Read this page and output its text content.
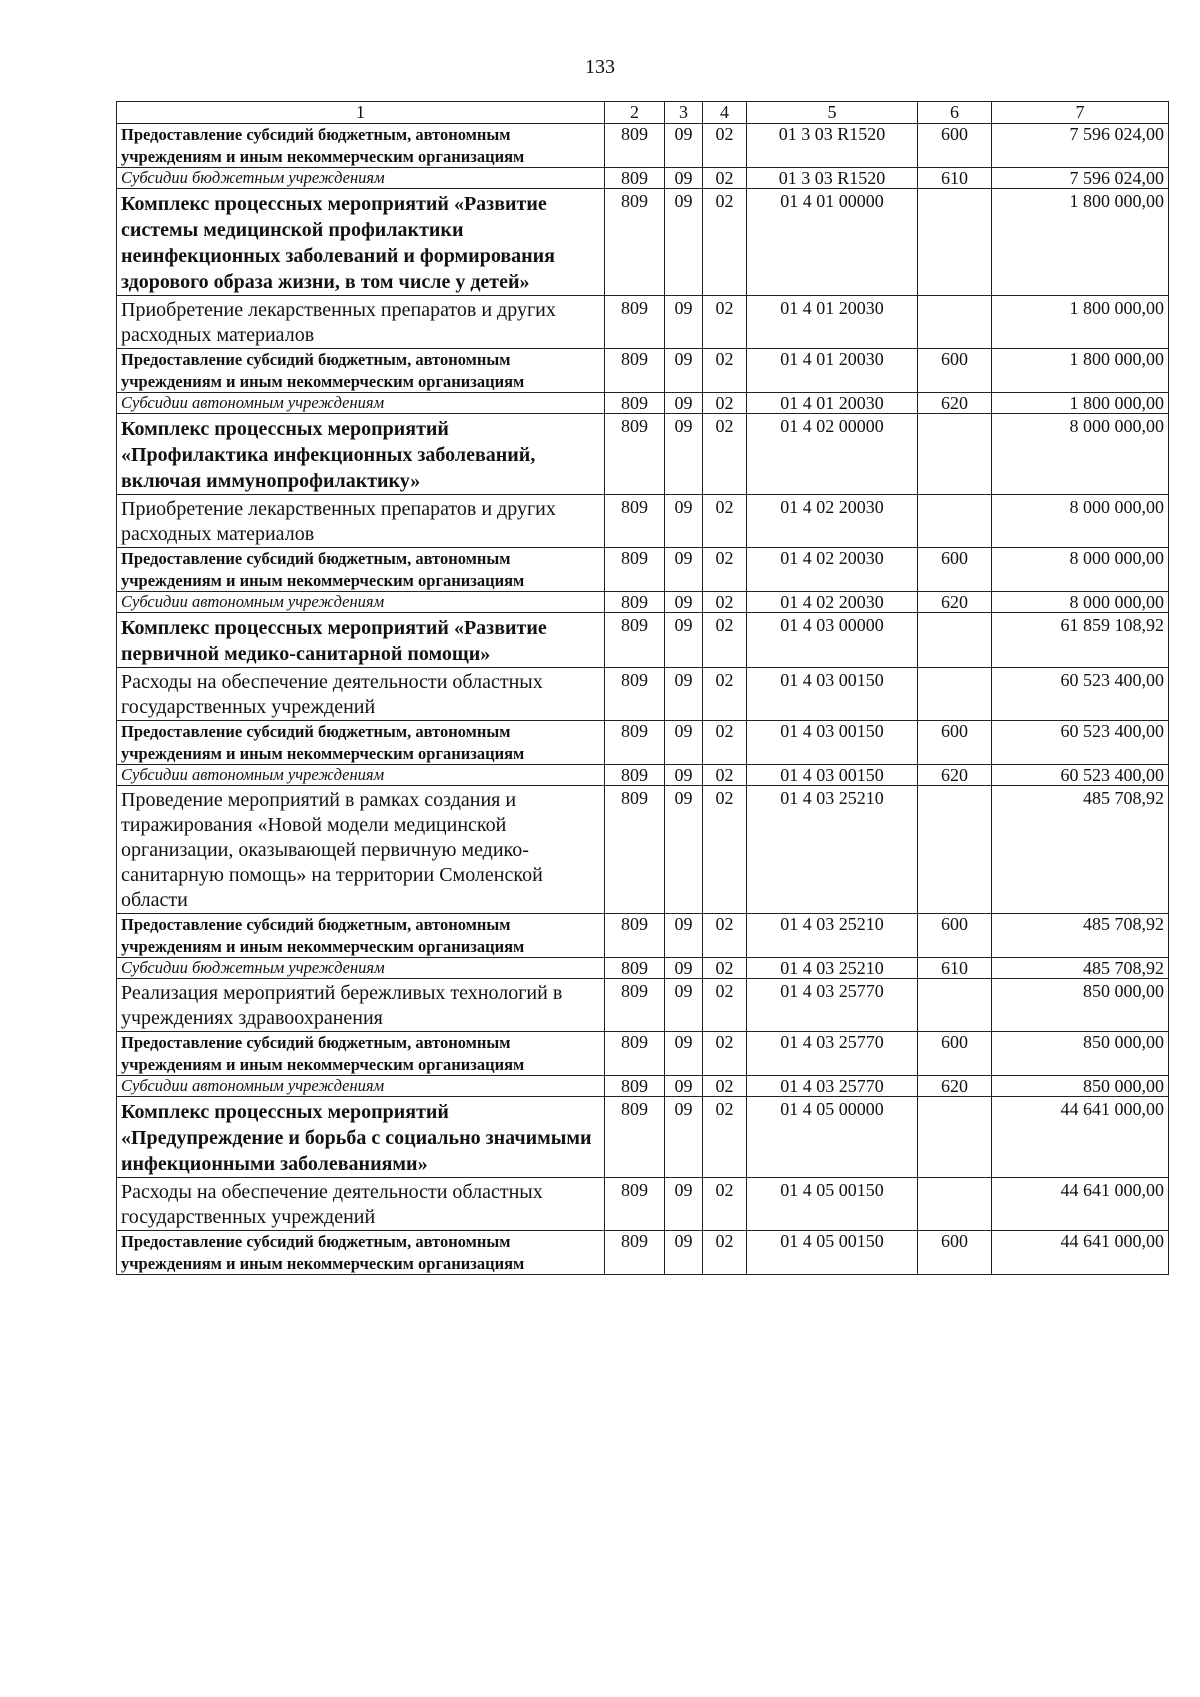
133
1	2	3	4	5	6	7
Предоставление субсидий бюджетным, автономным учреждениям и иным некоммерческим организациям	809	09	02	01 3 03 R1520	600	7 596 024,00
Субсидии бюджетным учреждениям	809	09	02	01 3 03 R1520	610	7 596 024,00
Комплекс процессных мероприятий «Развитие системы медицинской профилактики неинфекционных заболеваний и формирования здорового образа жизни, в том числе у детей»	809	09	02	01 4 01 00000		1 800 000,00
Приобретение лекарственных препаратов и других расходных материалов	809	09	02	01 4 01 20030		1 800 000,00
Предоставление субсидий бюджетным, автономным учреждениям и иным некоммерческим организациям	809	09	02	01 4 01 20030	600	1 800 000,00
Субсидии автономным учреждениям	809	09	02	01 4 01 20030	620	1 800 000,00
Комплекс процессных мероприятий «Профилактика инфекционных заболеваний, включая иммунопрофилактику»	809	09	02	01 4 02 00000		8 000 000,00
Приобретение лекарственных препаратов и других расходных материалов	809	09	02	01 4 02 20030		8 000 000,00
Предоставление субсидий бюджетным, автономным учреждениям и иным некоммерческим организациям	809	09	02	01 4 02 20030	600	8 000 000,00
Субсидии автономным учреждениям	809	09	02	01 4 02 20030	620	8 000 000,00
Комплекс процессных мероприятий «Развитие первичной медико-санитарной помощи»	809	09	02	01 4 03 00000		61 859 108,92
Расходы на обеспечение деятельности областных государственных учреждений	809	09	02	01 4 03 00150		60 523 400,00
Предоставление субсидий бюджетным, автономным учреждениям и иным некоммерческим организациям	809	09	02	01 4 03 00150	600	60 523 400,00
Субсидии автономным учреждениям	809	09	02	01 4 03 00150	620	60 523 400,00
Проведение мероприятий в рамках создания и тиражирования «Новой модели медицинской организации, оказывающей первичную медико-санитарную помощь» на территории Смоленской области	809	09	02	01 4 03 25210		485 708,92
Предоставление субсидий бюджетным, автономным учреждениям и иным некоммерческим организациям	809	09	02	01 4 03 25210	600	485 708,92
Субсидии бюджетным учреждениям	809	09	02	01 4 03 25210	610	485 708,92
Реализация мероприятий бережливых технологий в учреждениях здравоохранения	809	09	02	01 4 03 25770		850 000,00
Предоставление субсидий бюджетным, автономным учреждениям и иным некоммерческим организациям	809	09	02	01 4 03 25770	600	850 000,00
Субсидии автономным учреждениям	809	09	02	01 4 03 25770	620	850 000,00
Комплекс процессных мероприятий «Предупреждение и борьба с социально значимыми инфекционными заболеваниями»	809	09	02	01 4 05 00000		44 641 000,00
Расходы на обеспечение деятельности областных государственных учреждений	809	09	02	01 4 05 00150		44 641 000,00
Предоставление субсидий бюджетным, автономным учреждениям и иным некоммерческим организациям	809	09	02	01 4 05 00150	600	44 641 000,00
